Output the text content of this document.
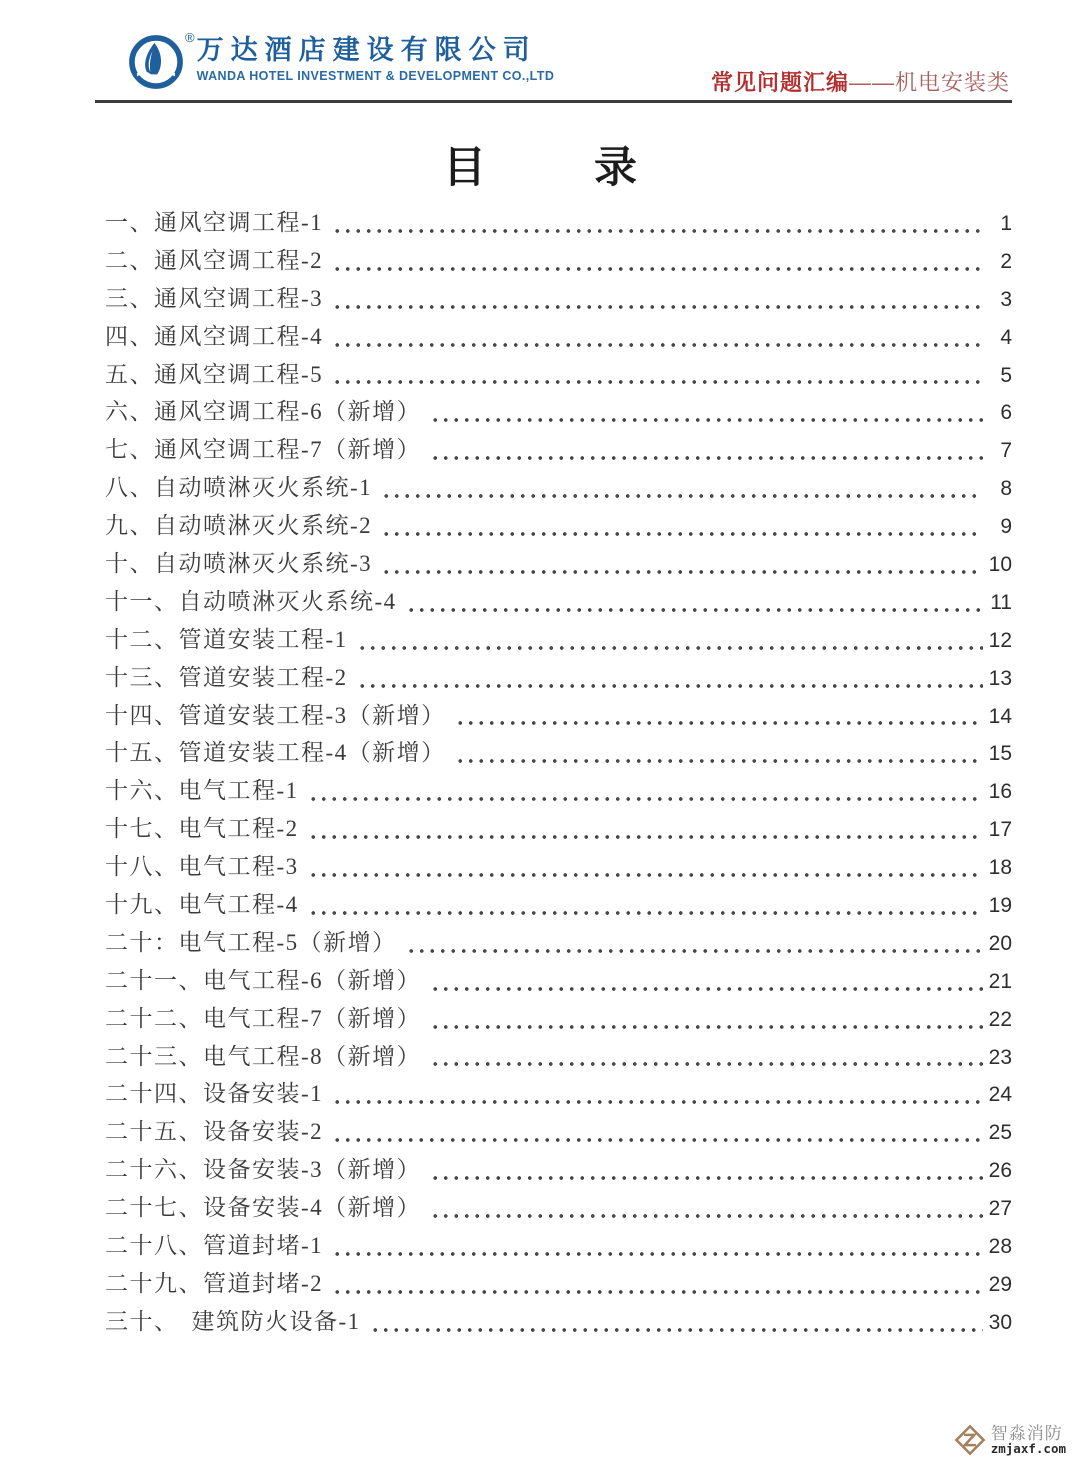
® 万达酒店建设有限公司
WANDA HOTEL INVESTMENT & DEVELOPMENT CO.,LTD	常见问题汇编——机电安装类
目	录
一、通风空调工程-1	1
二、通风空调工程-2	2
三、通风空调工程-3	3
四、通风空调工程-4	4
五、通风空调工程-5	5
六、通风空调工程-6（新增）	6
七、通风空调工程-7（新增）	7
八、自动喷淋灭火系统-1	8
九、自动喷淋灭火系统-2	9
十、自动喷淋灭火系统-3	10
十一、自动喷淋灭火系统-4	11
十二、管道安装工程-1	12
十三、管道安装工程-2	13
十四、管道安装工程-3（新增）	14
十五、管道安装工程-4（新增）	15
十六、电气工程-1	16
十七、电气工程-2	17
十八、电气工程-3	18
十九、电气工程-4	19
二十：电气工程-5（新增）	20
二十一、电气工程-6（新增）	21
二十二、电气工程-7（新增）	22
二十三、电气工程-8（新增）	23
二十四、设备安装-1	24
二十五、设备安装-2	25
二十六、设备安装-3（新增）	26
二十七、设备安装-4（新增）	27
二十八、管道封堵-1	28
二十九、管道封堵-2	29
三十、　建筑防火设备-1	30
智淼消防
zmjaxf.com
